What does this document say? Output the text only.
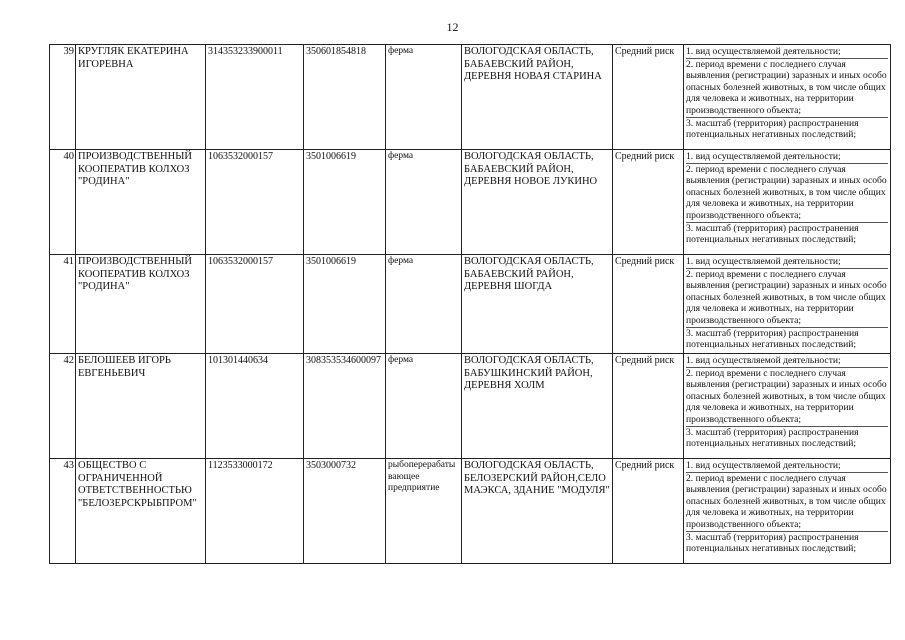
12
39	КРУГЛЯК ЕКАТЕРИНА ИГОРЕВНА	314353233900011	350601854818	ферма	ВОЛОГОДСКАЯ ОБЛАСТЬ, БАБАЕВСКИЙ РАЙОН, ДЕРЕВНЯ НОВАЯ СТАРИНА	Средний риск	1. вид осуществляемой деятельности;
2. период времени с последнего случая выявления (регистрации) заразных и иных особо опасных болезней животных, в том числе общих для человека и животных, на территории производственного объекта;
3. масштаб (территория) распространения потенциальных негативных последствий;

40	ПРОИЗВОДСТВЕННЫЙ КООПЕРАТИВ КОЛХОЗ "РОДИНА"	1063532000157	3501006619	ферма	ВОЛОГОДСКАЯ ОБЛАСТЬ, БАБАЕВСКИЙ РАЙОН, ДЕРЕВНЯ НОВОЕ ЛУКИНО	Средний риск	1. вид осуществляемой деятельности;
2. период времени с последнего случая выявления (регистрации) заразных и иных особо опасных болезней животных, в том числе общих для человека и животных, на территории производственного объекта;
3. масштаб (территория) распространения потенциальных негативных последствий;

41	ПРОИЗВОДСТВЕННЫЙ КООПЕРАТИВ КОЛХОЗ "РОДИНА"	1063532000157	3501006619	ферма	ВОЛОГОДСКАЯ ОБЛАСТЬ, БАБАЕВСКИЙ РАЙОН, ДЕРЕВНЯ ШОГДА	Средний риск	1. вид осуществляемой деятельности;
2. период времени с последнего случая выявления (регистрации) заразных и иных особо опасных болезней животных, в том числе общих для человека и животных, на территории производственного объекта;
3. масштаб (территория) распространения потенциальных негативных последствий;

42	БЕЛОШЕЕВ ИГОРЬ ЕВГЕНЬЕВИЧ	101301440634	308353534600097	ферма	ВОЛОГОДСКАЯ ОБЛАСТЬ, БАБУШКИНСКИЙ РАЙОН, ДЕРЕВНЯ ХОЛМ	Средний риск	1. вид осуществляемой деятельности;
2. период времени с последнего случая выявления (регистрации) заразных и иных особо опасных болезней животных, в том числе общих для человека и животных, на территории производственного объекта;
3. масштаб (территория) распространения потенциальных негативных последствий;

43	ОБЩЕСТВО С ОГРАНИЧЕННОЙ ОТВЕТСТВЕННОСТЬЮ "БЕЛОЗЕРСКРЫБПРОМ"	1123533000172	3503000732	рыбоперерабатывающее предприятие	ВОЛОГОДСКАЯ ОБЛАСТЬ, БЕЛОЗЕРСКИЙ РАЙОН,СЕЛО МАЭКСА, ЗДАНИЕ "МОДУЛЯ"	Средний риск	1. вид осуществляемой деятельности;
2. период времени с последнего случая выявления (регистрации) заразных и иных особо опасных болезней животных, в том числе общих для человека и животных, на территории производственного объекта;
3. масштаб (территория) распространения потенциальных негативных последствий;
